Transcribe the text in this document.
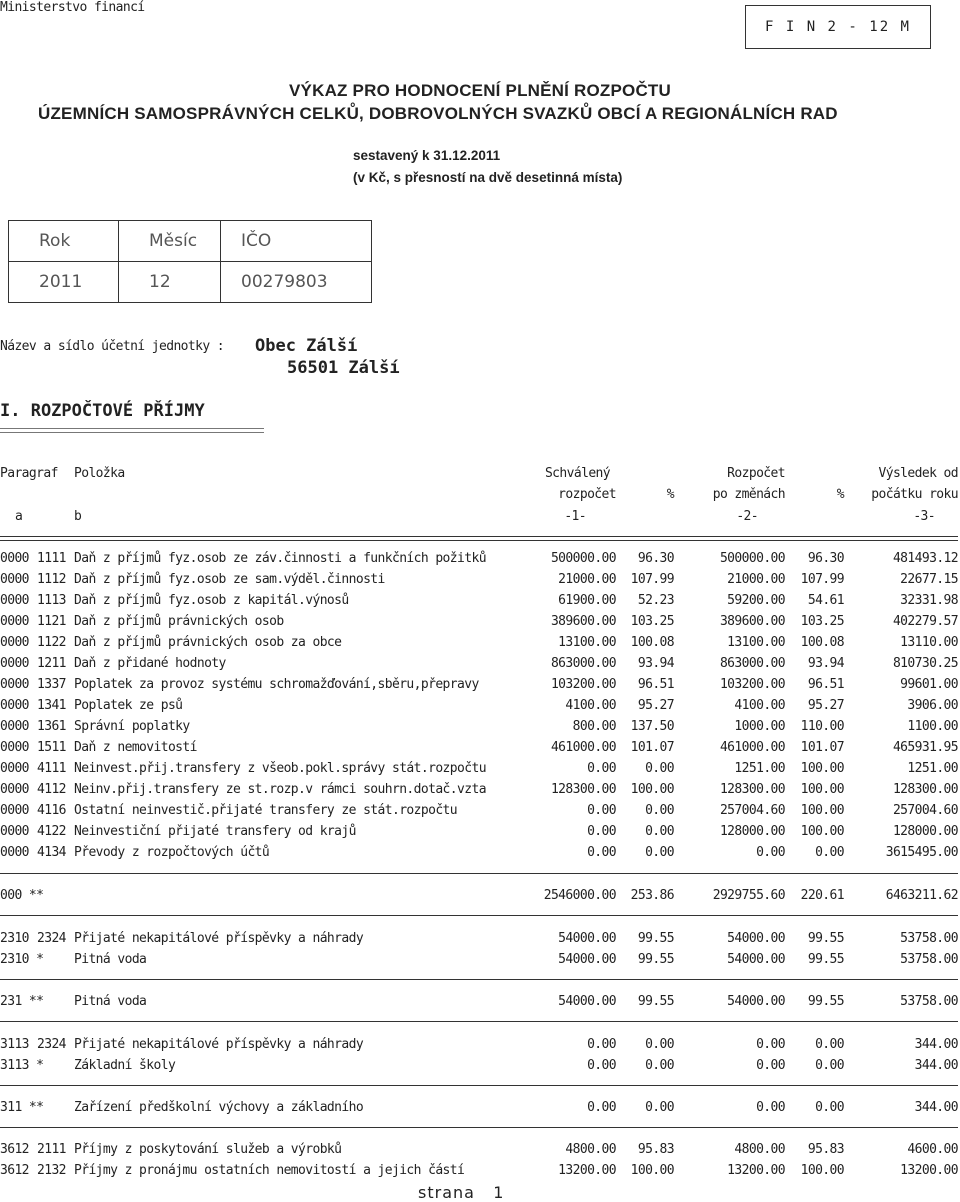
Ministerstvo financí
F I N 2 - 12 M
VÝKAZ PRO HODNOCENÍ PLNĚNÍ ROZPOČTU
ÚZEMNÍCH SAMOSPRÁVNÝCH CELKŮ, DOBROVOLNÝCH SVAZKŮ OBCÍ A REGIONÁLNÍCH RAD
sestavený k 31.12.2011
(v Kč, s přesností na dvě desetinná místa)
Rok	Měsíc	IČO
2011	12	00279803
Název a sídlo účetní jednotky : Obec Zálší
56501 Zálší
I. ROZPOČTOVÉ PŘÍJMY
Paragraf Položka	Schválený
rozpočet	%
Rozpočet
po změnách	%
Výsledek od
počátku roku
a	b	-1-	-2-	-3-
0000 1111 Daň z příjmů fyz.osob ze záv.činnosti a funkčních požitků	500000.00 96.30	500000.00 96.30	481493.12
0000 1112 Daň z příjmů fyz.osob ze sam.výděl.činnosti	21000.00 107.99	21000.00 107.99	22677.15
0000 1113 Daň z příjmů fyz.osob z kapitál.výnosů	61900.00 52.23	59200.00 54.61	32331.98
0000 1121 Daň z příjmů právnických osob	389600.00 103.25	389600.00 103.25	402279.57
0000 1122 Daň z příjmů právnických osob za obce	13100.00 100.08	13100.00 100.08	13110.00
0000 1211 Daň z přidané hodnoty	863000.00 93.94	863000.00 93.94	810730.25
0000 1337 Poplatek za provoz systému schromažďování,sběru,přepravy	103200.00 96.51	103200.00 96.51	99601.00
0000 1341 Poplatek ze psů	4100.00 95.27	4100.00 95.27	3906.00
0000 1361 Správní poplatky	800.00 137.50	1000.00 110.00	1100.00
0000 1511 Daň z nemovitostí	461000.00 101.07	461000.00 101.07	465931.95
0000 4111 Neinvest.přij.transfery z všeob.pokl.správy stát.rozpočtu	0.00 0.00	1251.00 100.00	1251.00
0000 4112 Neinv.přij.transfery ze st.rozp.v rámci souhrn.dotač.vzta	128300.00 100.00	128300.00 100.00	128300.00
0000 4116 Ostatní neinvestič.přijaté transfery ze stát.rozpočtu	0.00 0.00	257004.60 100.00	257004.60
0000 4122 Neinvestiční přijaté transfery od krajů	0.00 0.00	128000.00 100.00	128000.00
0000 4134 Převody z rozpočtových účtů	0.00 0.00	0.00 0.00	3615495.00
000 **	2546000.00 253.86	2929755.60 220.61	6463211.62
2310 2324 Přijaté nekapitálové příspěvky a náhrady	54000.00 99.55	54000.00 99.55	53758.00
2310 * Pitná voda	54000.00 99.55	54000.00 99.55	53758.00
231 ** Pitná voda	54000.00 99.55	54000.00 99.55	53758.00
3113 2324 Přijaté nekapitálové příspěvky a náhrady	0.00 0.00	0.00 0.00	344.00
3113 * Základní školy	0.00 0.00	0.00 0.00	344.00
311 ** Zařízení předškolní výchovy a základního	0.00 0.00	0.00 0.00	344.00
3612 2111 Příjmy z poskytování služeb a výrobků	4800.00 95.83	4800.00 95.83	4600.00
3612 2132 Příjmy z pronájmu ostatních nemovitostí a jejich částí	13200.00 100.00	13200.00 100.00	13200.00
strana 1
